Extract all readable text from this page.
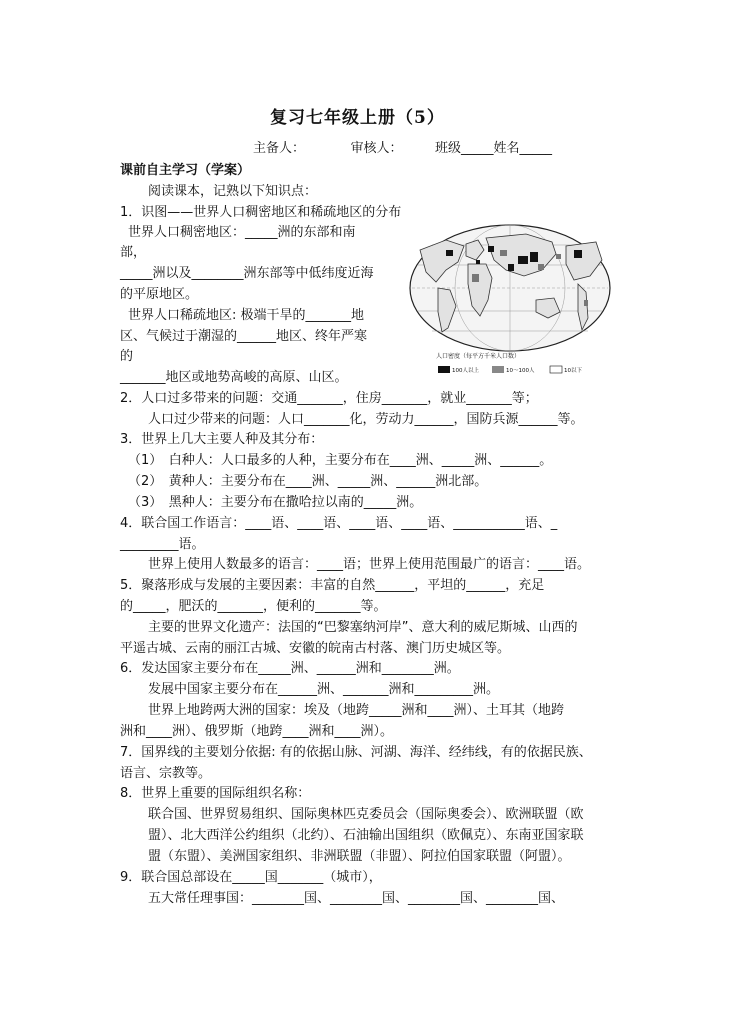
复习七年级上册（5）
主备人：　　　　审核人：　　　班级_____姓名_____
课前自主学习（学案）
阅读课本，记熟以下知识点：
1．识图——世界人口稠密地区和稀疏地区的分布
世界人口稠密地区：_____洲的东部和南
部，
_____洲以及________洲东部等中低纬度近海
的平原地区。
世界人口稀疏地区: 极端干旱的_______地
区、气候过于潮湿的______地区、终年严寒
的
_______地区或地势高峻的高原、山区。
人口密度（每平方千米人口数）
100人以上	10～100人	10以下
2．人口过多带来的问题：交通_______，住房_______，就业_______等；
人口过少带来的问题：人口_______化，劳动力______，国防兵源______等。
3．世界上几大主要人种及其分布：
（1）　白种人：人口最多的人种，主要分布在____洲、_____洲、______。
（2）　黄种人：主要分布在____洲、_____洲、______洲北部。
（3）　黑种人：主要分布在撒哈拉以南的_____洲。
4．联合国工作语言：____语、____语、____语、____语、___________语、_
_________语。
世界上使用人数最多的语言：____语；世界上使用范围最广的语言：____语。
5．聚落形成与发展的主要因素：丰富的自然______，平坦的______，充足
的_____，肥沃的_______，便利的_______等。
主要的世界文化遗产：法国的“巴黎塞纳河岸”、意大利的威尼斯城、山西的
平遥古城、云南的丽江古城、安徽的皖南古村落、澳门历史城区等。
6．发达国家主要分布在_____洲、______洲和________洲。
发展中国家主要分布在______洲、_______洲和_________洲。
世界上地跨两大洲的国家：埃及（地跨_____洲和____洲）、土耳其（地跨
洲和____洲）、俄罗斯（地跨____洲和____洲）。
7．国界线的主要划分依据: 有的依据山脉、河湖、海洋、经纬线，有的依据民族、
语言、宗教等。
8．世界上重要的国际组织名称：
联合国、世界贸易组织、国际奥林匹克委员会（国际奥委会）、欧洲联盟（欧
盟）、北大西洋公约组织（北约）、石油输出国组织（欧佩克）、东南亚国家联
盟（东盟）、美洲国家组织、非洲联盟（非盟）、阿拉伯国家联盟（阿盟）。
9．联合国总部设在_____国_______（城市），
五大常任理事国：________国、________国、________国、________国、
